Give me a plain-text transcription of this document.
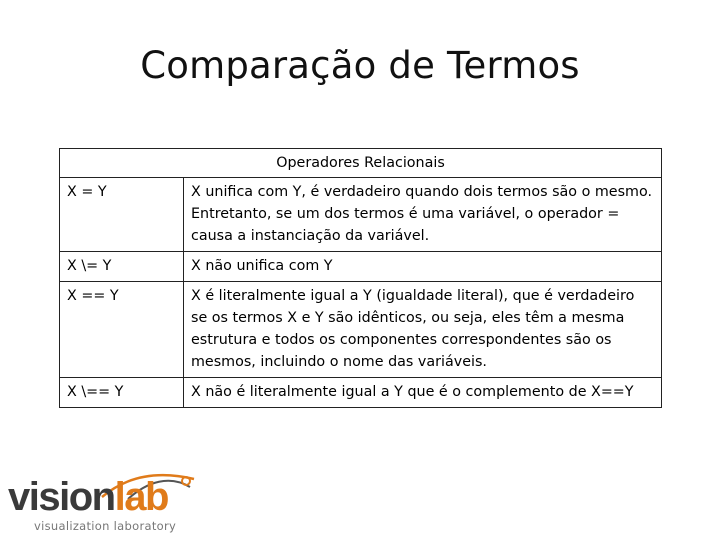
Comparação de Termos
Operadores Relacionais	
X = Y	X unifica com Y, é verdadeiro quando dois termos são o mesmo. Entretanto, se um dos termos é uma variável, o operador = causa a instanciação da variável.
X \= Y	X não unifica com Y
X == Y	X é literalmente igual a Y (igualdade literal), que é verdadeiro se os termos X e Y são idênticos, ou seja, eles têm a mesma estrutura e todos os componentes correspondentes são os mesmos, incluindo o nome das variáveis.
X \== Y	X não é literalmente igual a Y que é o complemento de X==Y
visionlab
visualization laboratory
